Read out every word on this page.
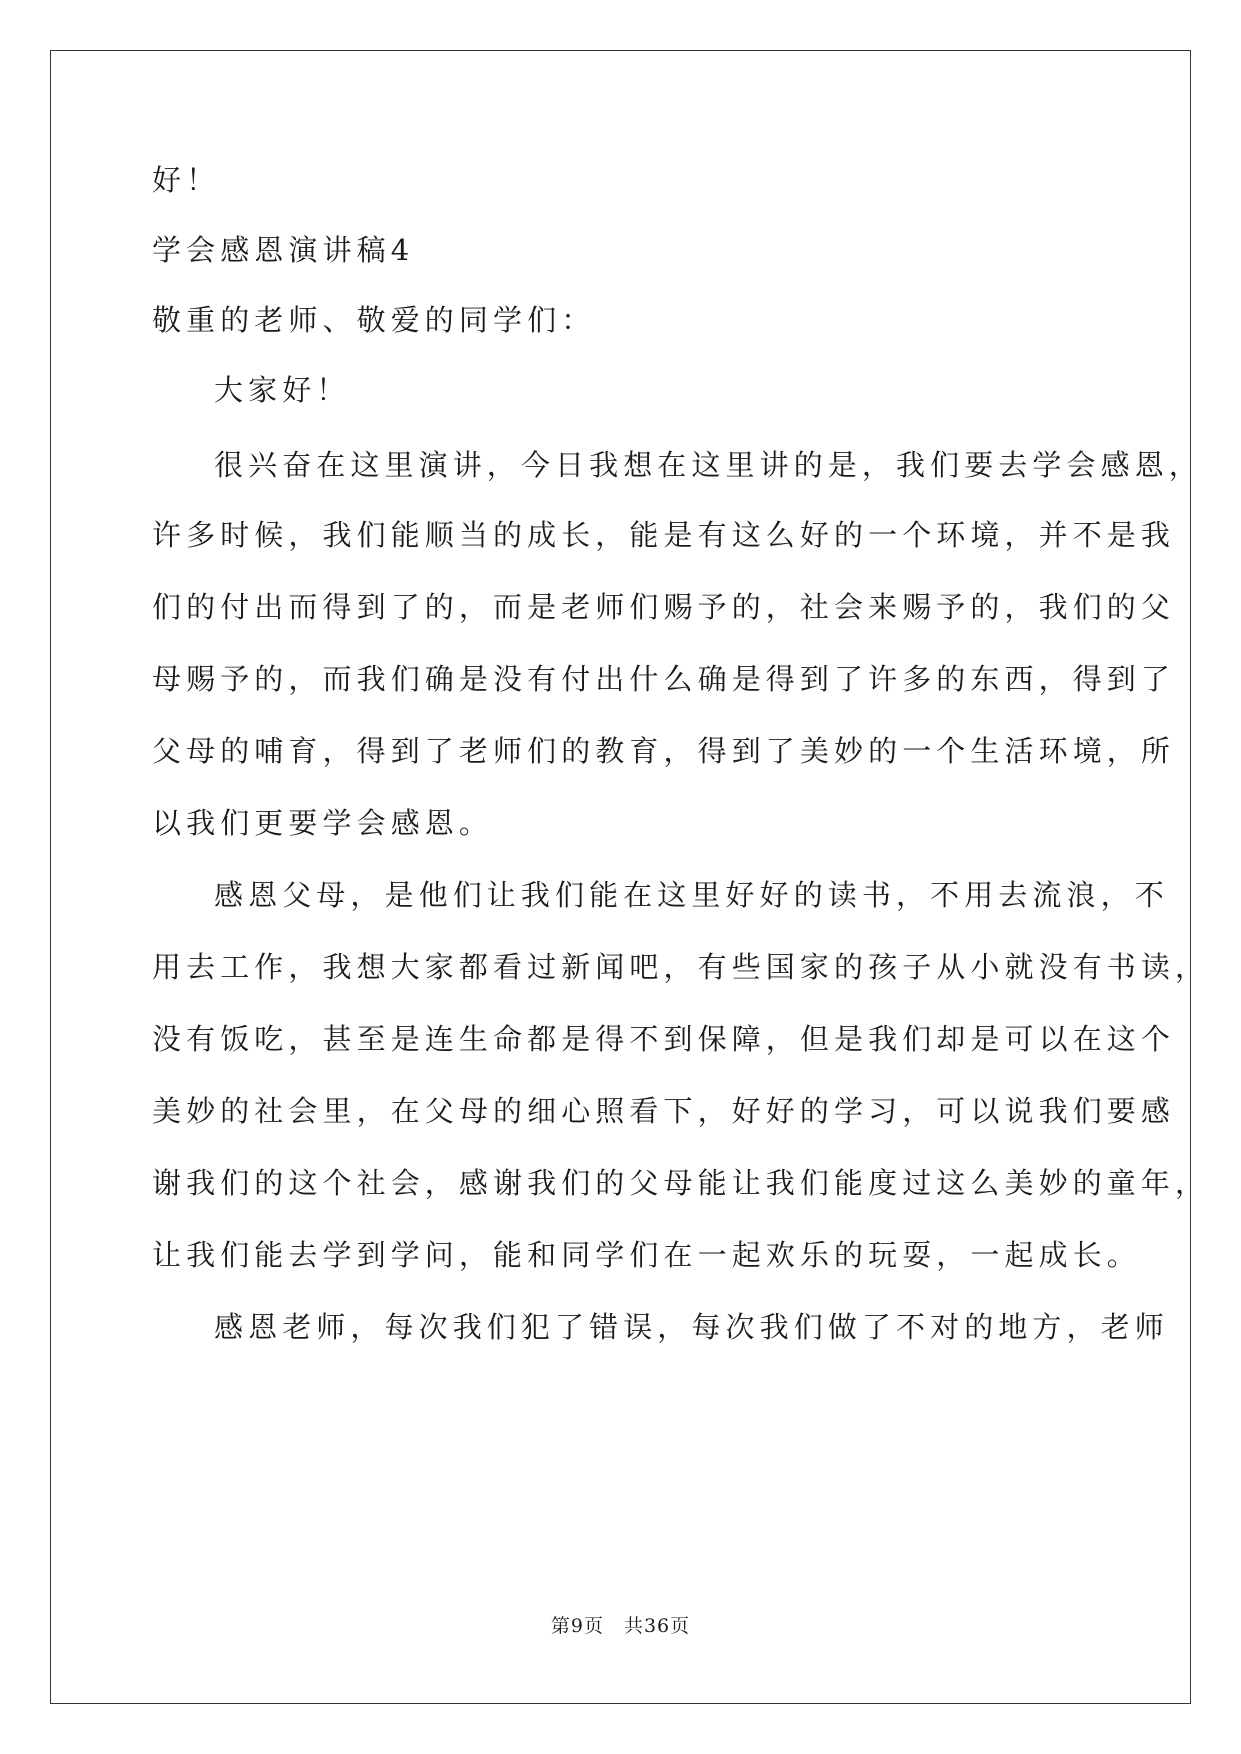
好！
学会感恩演讲稿4
敬重的老师、敬爱的同学们：
大家好！
很兴奋在这里演讲，今日我想在这里讲的是，我们要去学会感恩，
许多时候，我们能顺当的成长，能是有这么好的一个环境，并不是我
们的付出而得到了的，而是老师们赐予的，社会来赐予的，我们的父
母赐予的，而我们确是没有付出什么确是得到了许多的东西，得到了
父母的哺育，得到了老师们的教育，得到了美妙的一个生活环境，所
以我们更要学会感恩。
感恩父母，是他们让我们能在这里好好的读书，不用去流浪，不
用去工作，我想大家都看过新闻吧，有些国家的孩子从小就没有书读，
没有饭吃，甚至是连生命都是得不到保障，但是我们却是可以在这个
美妙的社会里，在父母的细心照看下，好好的学习，可以说我们要感
谢我们的这个社会，感谢我们的父母能让我们能度过这么美妙的童年，
让我们能去学到学问，能和同学们在一起欢乐的玩耍，一起成长。
感恩老师，每次我们犯了错误，每次我们做了不对的地方，老师
第9页　共36页
